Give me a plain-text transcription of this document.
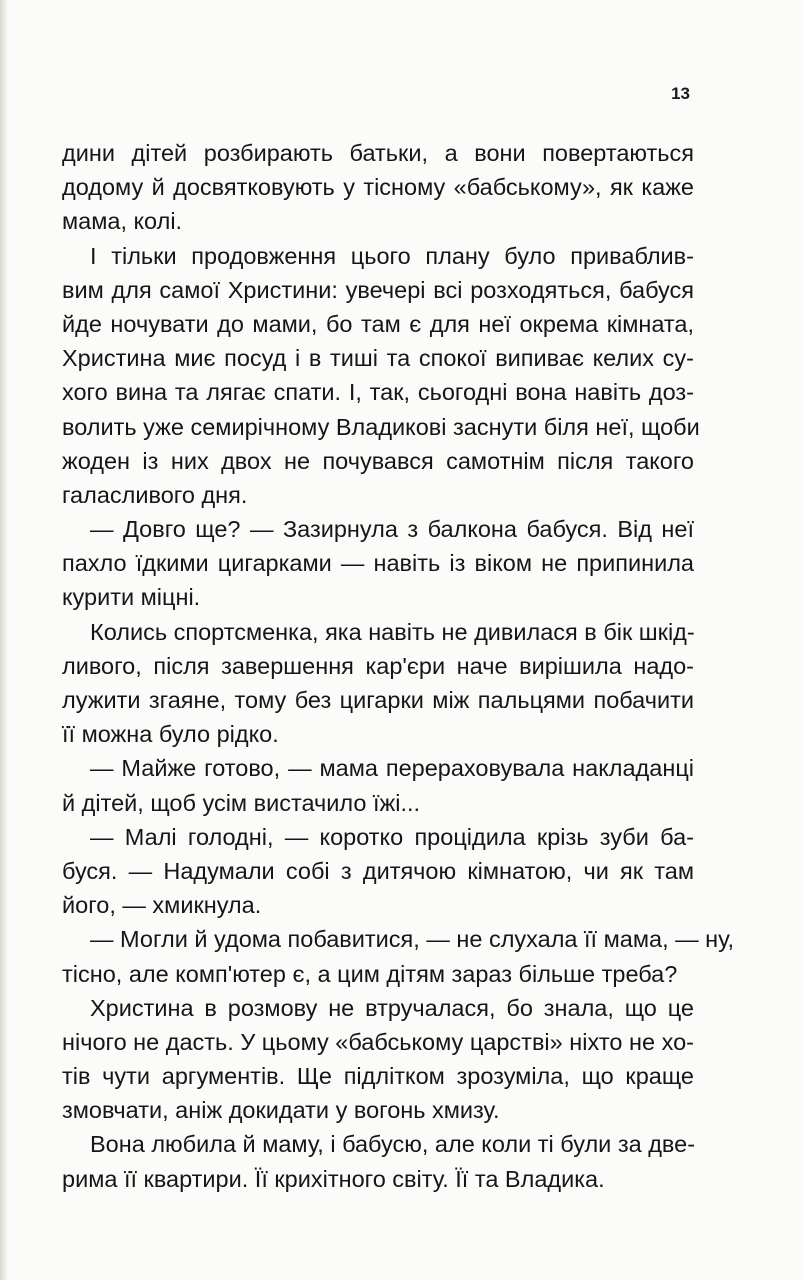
13
дини дітей розбирають батьки, а вони повертаються
додому й досвятковують у тісному «бабському», як каже
мама, колі.
І тільки продовження цього плану було приваблив-
вим для самої Христини: увечері всі розходяться, бабуся
йде ночувати до мами, бо там є для неї окрема кімната,
Христина миє посуд і в тиші та спокої випиває келих су-
хого вина та лягає спати. І, так, сьогодні вона навіть доз-
волить уже семирічному Владикові заснути біля неї, щоби
жоден із них двох не почувався самотнім після такого
галасливого дня.
— Довго ще? — Зазирнула з балкона бабуся. Від неї
пахло їдкими цигарками — навіть із віком не припинила
курити міцні.
Колись спортсменка, яка навіть не дивилася в бік шкід-
ливого, після завершення кар'єри наче вирішила надо-
лужити згаяне, тому без цигарки між пальцями побачити
її можна було рідко.
— Майже готово, — мама перераховувала накладанці
й дітей, щоб усім вистачило їжі...
— Малі голодні, — коротко процідила крізь зуби ба-
буся. — Надумали собі з дитячою кімнатою, чи як там
його, — хмикнула.
— Могли й удома побавитися, — не слухала її мама, — ну,
тісно, але комп'ютер є, а цим дітям зараз більше треба?
Христина в розмову не втручалася, бо знала, що це
нічого не дасть. У цьому «бабському царстві» ніхто не хо-
тів чути аргументів. Ще підлітком зрозуміла, що краще
змовчати, аніж докидати у вогонь хмизу.
Вона любила й маму, і бабусю, але коли ті були за две-
рима її квартири. Її крихітного світу. Її та Владика.
